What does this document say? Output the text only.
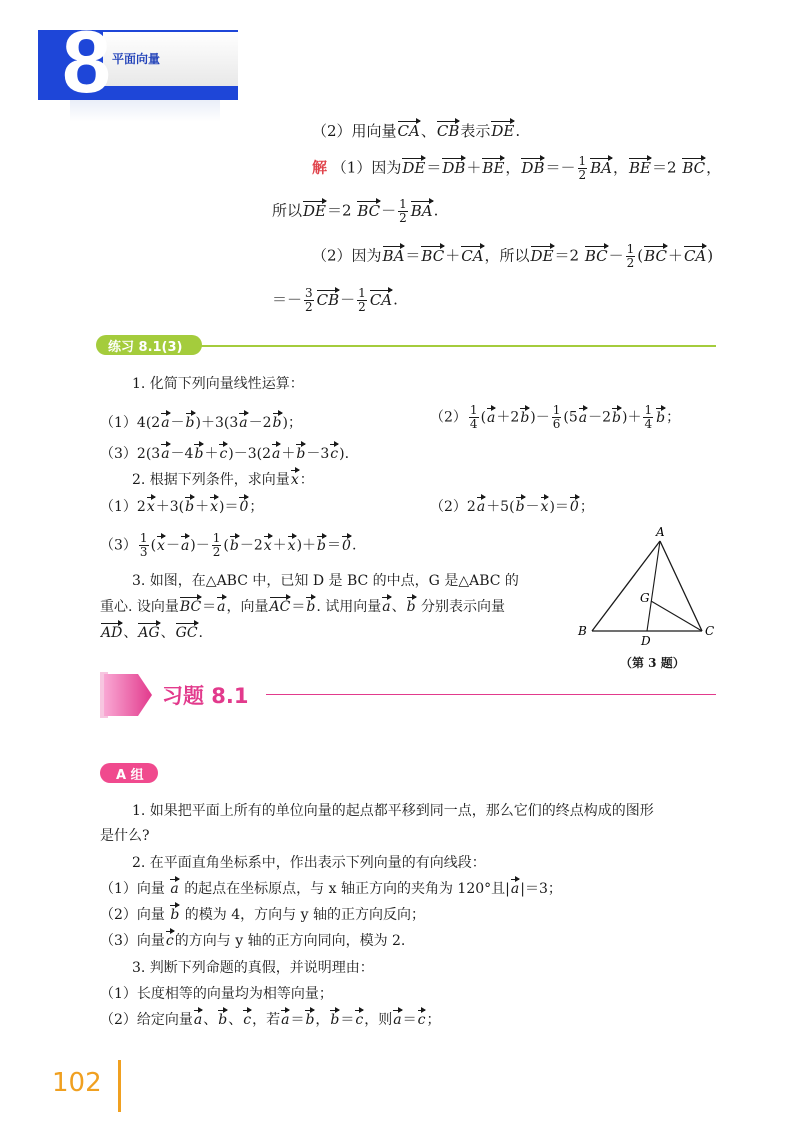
8 平面向量
（2）用向量CA、CB表示DE.
解 （1）因为DE＝DB＋BE，$DB=- \frac{1}{2}$ BA，BE＝2 BC，
所以DE＝2 $BC- \frac{1}{2}$ BA.
（2）因为BA＝BC＋CA，所以DE＝2 $BC- \frac{1}{2} (BC+CA)$
＝－ $\frac{3}{2} CB- \frac{1}{2}$ CA.
练习 8.1(3)
1. 化简下列向量线性运算：
（1）4(2a－b)＋3(3a－2b)；	$(2) \frac{1}{4} (a+2b)- \frac{1}{6} (5a-2b)+ \frac{1}{4}$ b；
（3）2(3a－4b＋c)－3(2a＋b－3c).
2. 根据下列条件，求向量x：
（1）2x＋3(b＋x)＝0；	（2）2a＋5(b－x)＝0；
$(3) \frac{1}{3} (x-a)- \frac{1}{2} (b-2x+x)+b=0$.
3. 如图，在△ABC 中，已知 D 是 BC 的中点，G 是△ABC 的
重心. 设向量BC＝a，向量AC＝b. 试用向量a、b 分别表示向量
AD、AG、GC.
A
B	C
D
G
（第 3 题）
习题 8.1
A 组
1. 如果把平面上所有的单位向量的起点都平移到同一点，那么它们的终点构成的图形
是什么?
2. 在平面直角坐标系中，作出表示下列向量的有向线段：
（1）向量 a 的起点在坐标原点，与 x 轴正方向的夹角为 120°且|a|＝3；
（2）向量 b 的模为 4，方向与 y 轴的正方向反向；
（3）向量c的方向与 y 轴的正方向同向，模为 2.
3. 判断下列命题的真假，并说明理由：
（1）长度相等的向量均为相等向量；
（2）给定向量a、b、c，若a＝b，b＝c，则a＝c；
102
